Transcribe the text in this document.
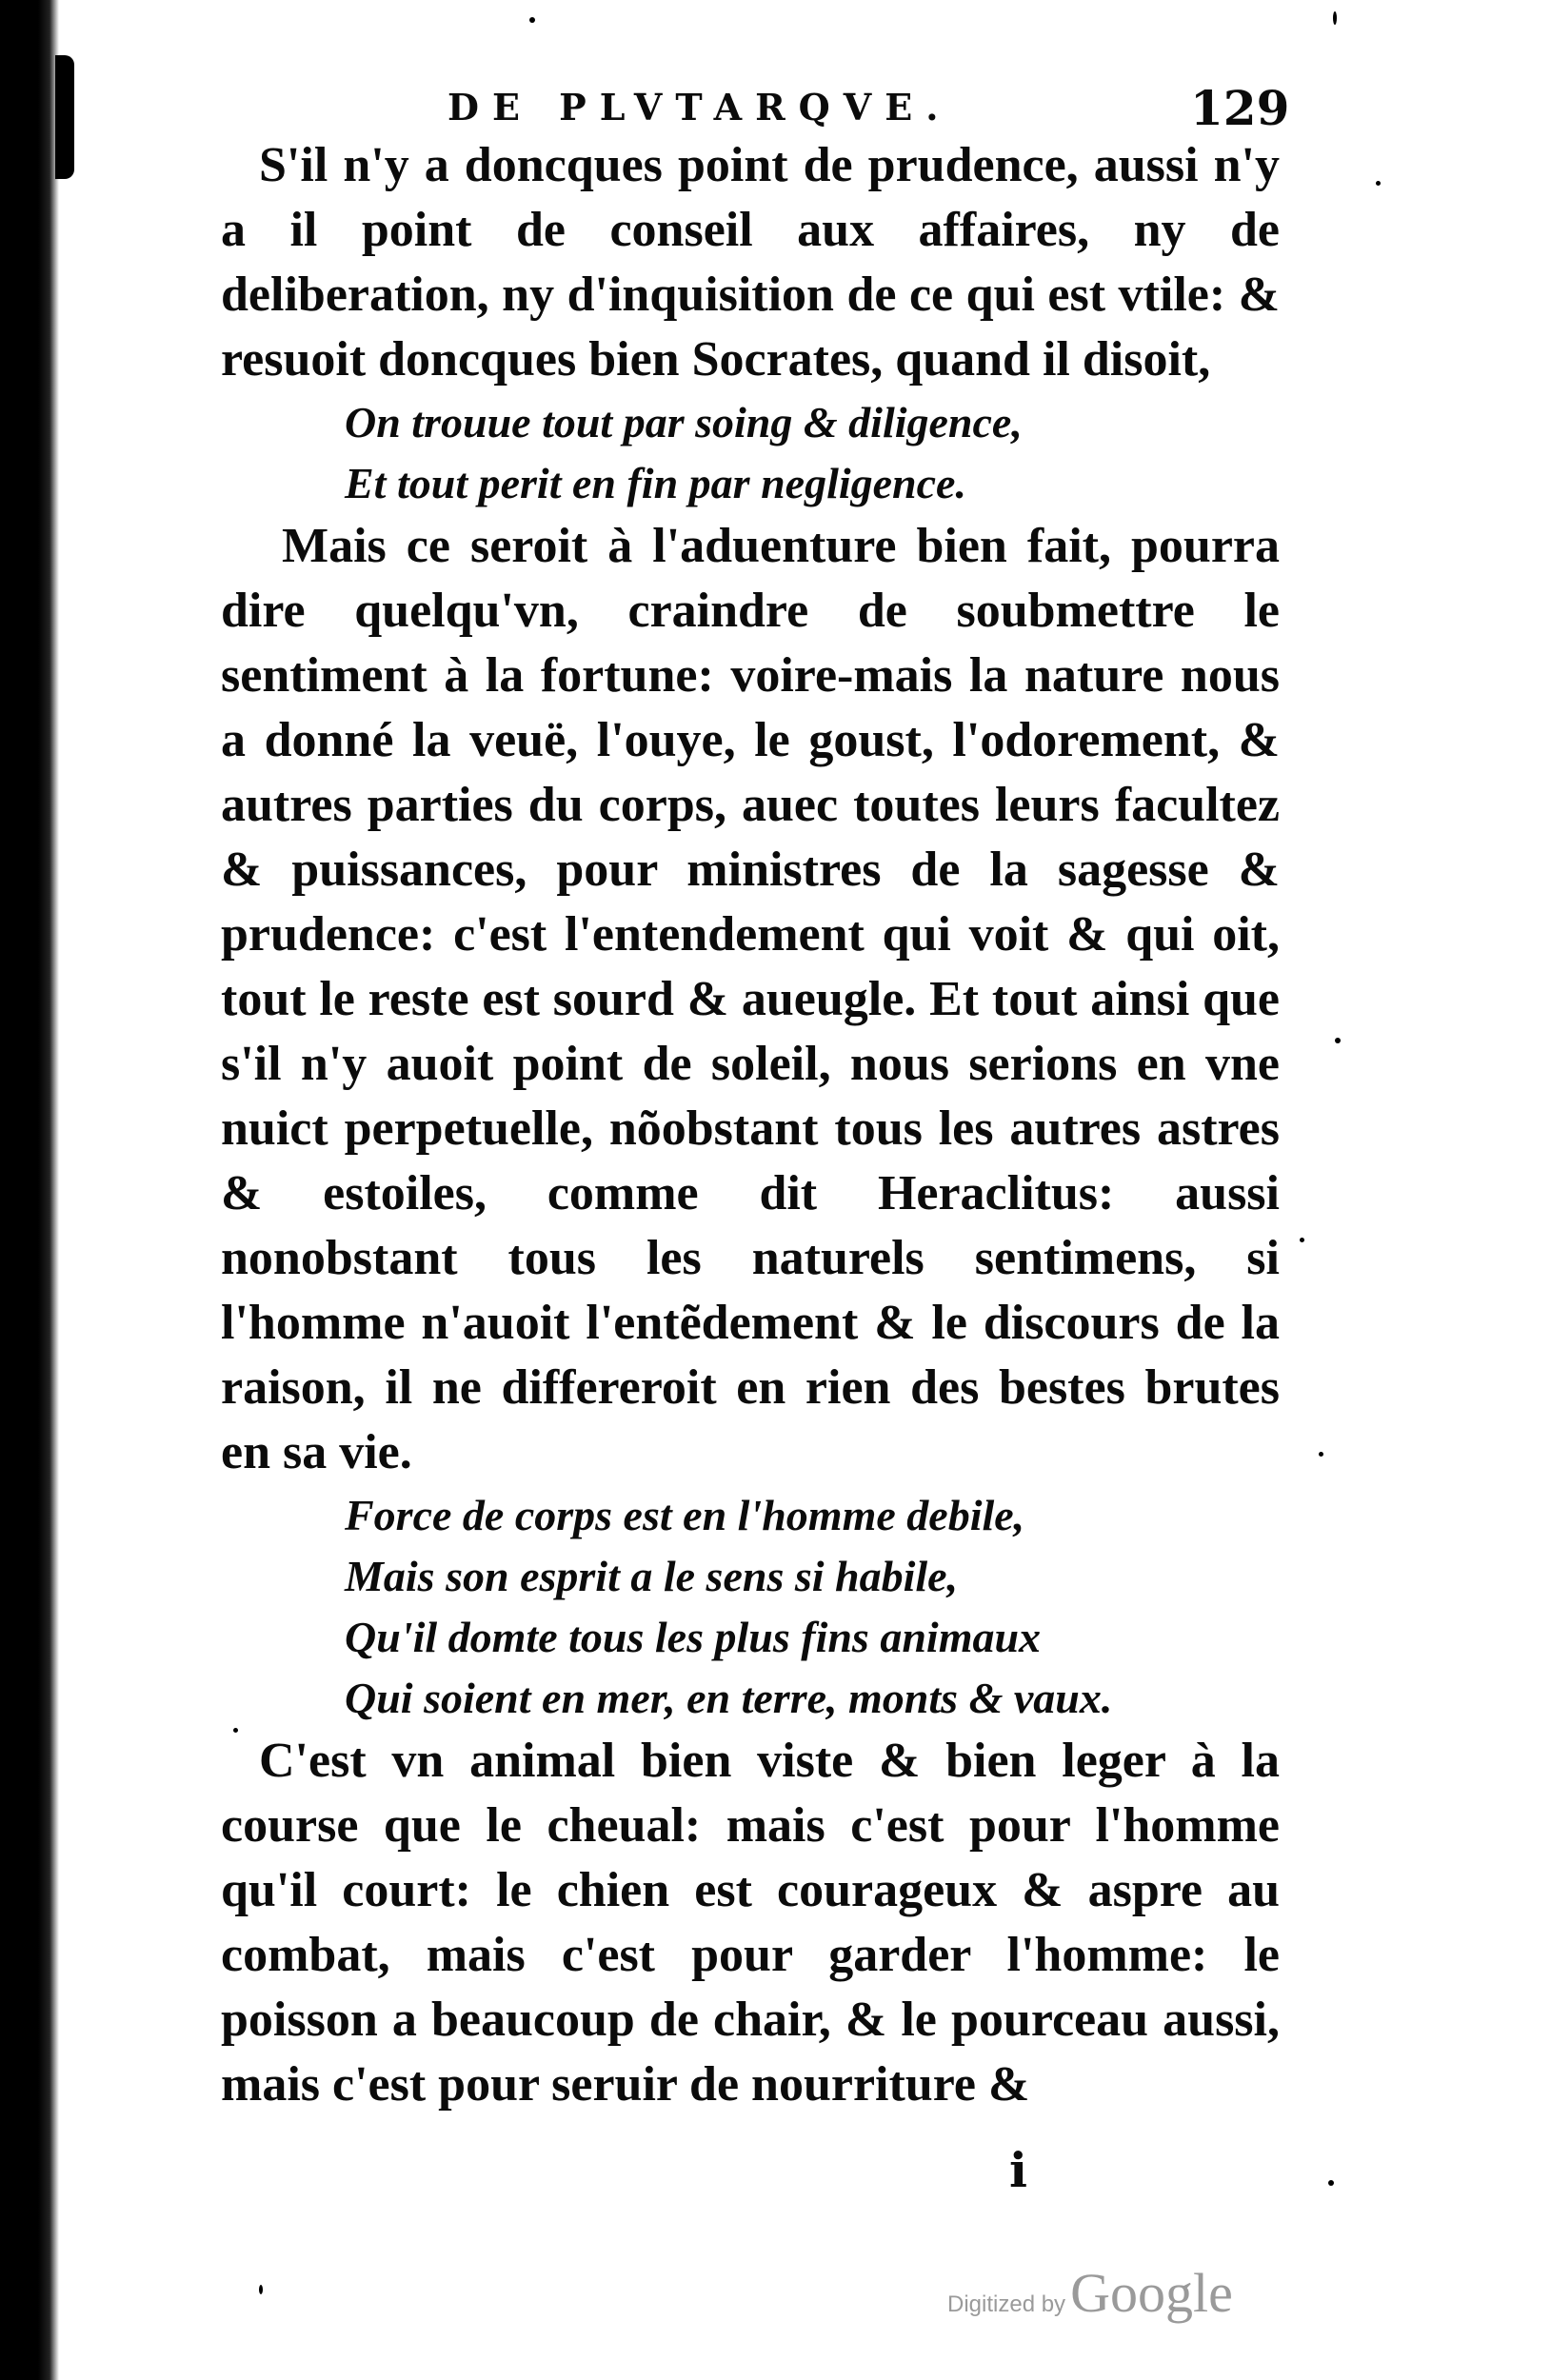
DE PLVTARQVE.	129

S'il n'y a doncques point de prudence, aussi n'y a il point de conseil aux affaires, ny de deliberation, ny d'inquisition de ce qui est vtile: & resuoit doncques bien Socrates, quand il disoit,

On trouue tout par soing & diligence,
Et tout perit en fin par negligence.

Mais ce seroit à l'aduenture bien fait, pourra dire quelqu'vn, craindre de soubmettre le sentiment à la fortune: voire-mais la nature nous a donné la veuë, l'ouye, le goust, l'odorement, & autres parties du corps, auec toutes leurs facultez & puissances, pour ministres de la sagesse & prudence: c'est l'entendement qui voit & qui oit, tout le reste est sourd & aueugle. Et tout ainsi que s'il n'y auoit point de soleil, nous serions en vne nuict perpetuelle, nõobstant tous les autres astres & estoiles, comme dit Heraclitus: aussi nonobstant tous les naturels sentimens, si l'homme n'auoit l'entẽdement & le discours de la raison, il ne differeroit en rien des bestes brutes en sa vie.

Force de corps est en l'homme debile,
Mais son esprit a le sens si habile,
Qu'il domte tous les plus fins animaux
Qui soient en mer, en terre, monts & vaux.

C'est vn animal bien viste & bien leger à la course que le cheual: mais c'est pour l'homme qu'il court: le chien est courageux & aspre au combat, mais c'est pour garder l'homme: le poisson a beaucoup de chair, & le pourceau aussi, mais c'est pour seruir de nourriture &

i
Digitized by Google
